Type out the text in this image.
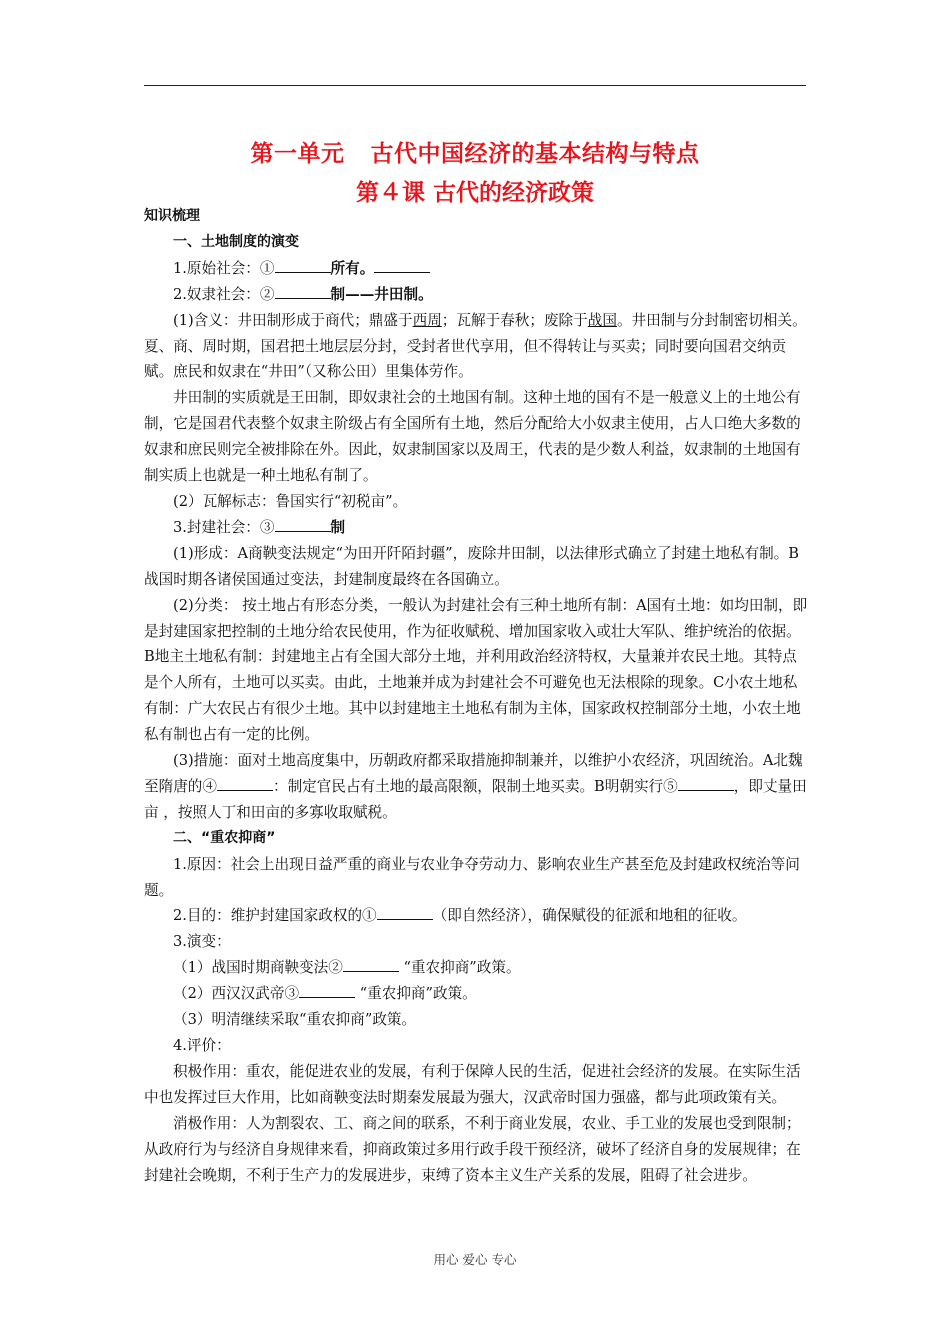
第一单元 古代中国经济的基本结构与特点
第４课 古代的经济政策

知识梳理

一、土地制度的演变

1.原始社会：①	所有。

2.奴隶社会：②	制——井田制。

(1)含义：井田制形成于商代；鼎盛于西周；瓦解于春秋；废除于战国。井田制与分封制密切相关。夏、商、周时期，国君把土地层层分封，受封者世代享用，但不得转让与买卖；同时要向国君交纳贡赋。庶民和奴隶在“井田”（又称公田）里集体劳作。

井田制的实质就是王田制，即奴隶社会的土地国有制。这种土地的国有不是一般意义上的土地公有制，它是国君代表整个奴隶主阶级占有全国所有土地，然后分配给大小奴隶主使用，占人口绝大多数的奴隶和庶民则完全被排除在外。因此，奴隶制国家以及周王，代表的是少数人利益，奴隶制的土地国有制实质上也就是一种土地私有制了。

(2）瓦解标志：鲁国实行“初税亩”。

3.封建社会：③	制

(1)形成：A商鞅变法规定“为田开阡陌封疆”，废除井田制，以法律形式确立了封建土地私有制。B战国时期各诸侯国通过变法，封建制度最终在各国确立。

(2)分类： 按土地占有形态分类，一般认为封建社会有三种土地所有制：A国有土地：如均田制，即是封建国家把控制的土地分给农民使用，作为征收赋税、增加国家收入或壮大军队、维护统治的依据。B地主土地私有制：封建地主占有全国大部分土地，并利用政治经济特权，大量兼并农民土地。其特点是个人所有，土地可以买卖。由此，土地兼并成为封建社会不可避免也无法根除的现象。C小农土地私有制：广大农民占有很少土地。其中以封建地主土地私有制为主体，国家政权控制部分土地，小农土地私有制也占有一定的比例。

(3)措施：面对土地高度集中，历朝政府都采取措施抑制兼并，以维护小农经济，巩固统治。A北魏至隋唐的④	：制定官民占有土地的最高限额，限制土地买卖。B明朝实行⑤	，即丈量田亩 ，按照人丁和田亩的多寡收取赋税。

二、“重农抑商”

1.原因：社会上出现日益严重的商业与农业争夺劳动力、影响农业生产甚至危及封建政权统治等问题。

2.目的：维护封建国家政权的①	（即自然经济），确保赋役的征派和地租的征收。

3.演变：

（1）战国时期商鞅变法②	“重农抑商”政策。

（2）西汉汉武帝③	“重农抑商”政策。

（3）明清继续采取“重农抑商”政策。

4.评价：

积极作用：重农，能促进农业的发展，有利于保障人民的生活，促进社会经济的发展。在实际生活中也发挥过巨大作用，比如商鞅变法时期秦发展最为强大，汉武帝时国力强盛，都与此项政策有关。

消极作用：人为割裂农、工、商之间的联系，不利于商业发展，农业、手工业的发展也受到限制；从政府行为与经济自身规律来看，抑商政策过多用行政手段干预经济，破坏了经济自身的发展规律；在封建社会晚期，不利于生产力的发展进步，束缚了资本主义生产关系的发展，阻碍了社会进步。

用心 爱心 专心
